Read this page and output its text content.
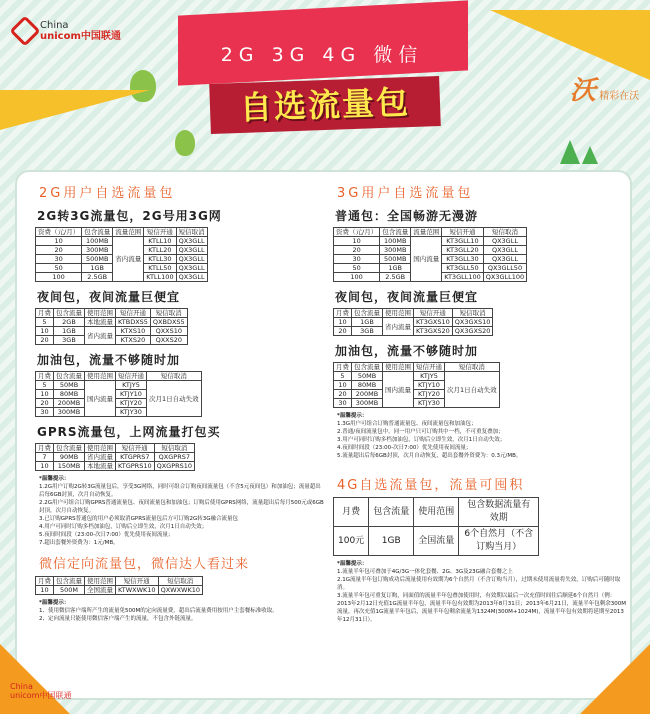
China
unicom中国联通
2G 3G 4G 微信
自选流量包	沃 精彩在沃
2G用户自选流量包
2G转3G流量包，2G号用3G网
资费（元/月）	包含流量	流量范围	短信开通	短信取消
10	100MB	省内流量	KTLL10	QX3GLL
20	300MB		KTLL20	QX3GLL
30	500MB		KTLL30	QX3GLL
50	1GB		KTLL50	QX3GLL
100	2.5GB		KTLL100	QX3GLL
夜间包，夜间流量巨便宜
月费	包含流量	使用范围	短信开通	短信取消
5	2GB	本地流量	KTBDXS5	QXBDXS5
10	1GB	省内流量	KTXS10	QXXS10
20	3GB		KTXS20	QXXS20
加油包，流量不够随时加
月费	包含流量	使用范围	短信开通	短信取消
5	50MB	国内流量	KTJY5	次月1日自动失效
10	80MB		KTJY10	
20	200MB		KTJY20	
30	300MB		KTJY30	
GPRS流量包，上网流量打包买
月费	包含流量	使用范围	短信开通	短信取消
7	90MB	省内流量	KTGPRS7	QXGPRS7
10	150MB	本地流量	KTGPRS10	QXGPRS10
*温馨提示：
1.2G用户订购2G转3G流量包后，享受3G网络，同时可组合订购夜间流量包（不含5元夜间包）和加油包；流量超出后每6GB封顶，次月自动恢复。
2.2G用户可组合订购GPRS普通流量包、夜间流量包和加油包；订购后使用GPRS网络，流量超出后每月500元或6GB封顶，次月自动恢复。
3.已订购GPRS普通包的用户必须取消GPRS流量包后方可订购2G转3G融合流量包
4.用户可同时订购多档加油包，订购后立即生效，次月1日自动失效；
5.夜间时间段（23:00-次日7:00）优先使用夜间流量；
7.超出套餐外资费为：1元/MB。
微信定向流量包，微信达人看过来
月费	包含流量	使用范围	短信开通	短信取消
10	500M	全国流量	KTWXWK10	QXWXWK10
*温馨提示：
1、使用微信客户端所产生的流量免500M的定向流量费，超出后流量费用按用户主套餐标准收取。
2、定向流量只能使用微信客户端产生的流量，不包含外链流量。
3G用户自选流量包
普通包：全国畅游无漫游
资费（元/月）	包含流量	流量范围	短信开通	短信取消
10	100MB	国内流量	KT3GLL10	QX3GLL
20	300MB		KT3GLL20	QX3GLL
30	500MB		KT3GLL30	QX3GLL
50	1GB		KT3GLL50	QX3GLL50
100	2.5GB		KT3GLL100	QX3GLL100
夜间包，夜间流量巨便宜
月费	包含流量	使用范围	短信开通	短信取消
10	1GB	省内流量	KT3GXS10	QX3GXS10
20	3GB		KT3GXS20	QX3GXS20
加油包，流量不够随时加
月费	包含流量	使用范围	短信开通	短信取消
5	50MB	国内流量	KTJY5	次月1日自动失效
10	80MB		KTJY10	
20	200MB		KTJY20	
30	300MB		KTJY30	
*温馨提示：
1.3G用户可组合订购普通流量包、夜间流量包和加油包；
2.普通/夜间流量包中，同一用户只可订购其中一档，不可重复叠加；
3.用户可同时订购多档加油包，订购后立即生效，次月1日自动失效；
4.夜间时间段（23:00-次日7:00）优先使用夜间流量；
5.流量超出后每6GB封顶，次月自动恢复，超出套餐外资费为：0.3元/MB。
4G自选流量包，流量可囤积
月费	包含流量	使用范围	包含数据流量有效期
100元	1GB	全国流量	6个自然月（不含订购当月）
*温馨提示：
1.流量半年包可叠加于4G/3G一体化套餐、2G、3G及23G融合套餐之上
2.1G流量半年包订购成功后流量使用有效期为6个自然月（不含订购当月），过期未使用流量将失效，订购后可随时取消。
3.流量半年包可重复订购，同面值的流量半年包叠加使用时，有效期以最后一次充值时间往后顺延6个自然月（例：2013年2月12日充值1G流量半年包，流量半年包有效期为2013年8月31日；2013年6月21日，流量半年包剩余300M流量，再次充值1G流量半年包后，流量半年包剩余流量为1324M(300M+1024M)，流量半年包有效期将延期至2013年12月31日）。
China
unicom中国联通
